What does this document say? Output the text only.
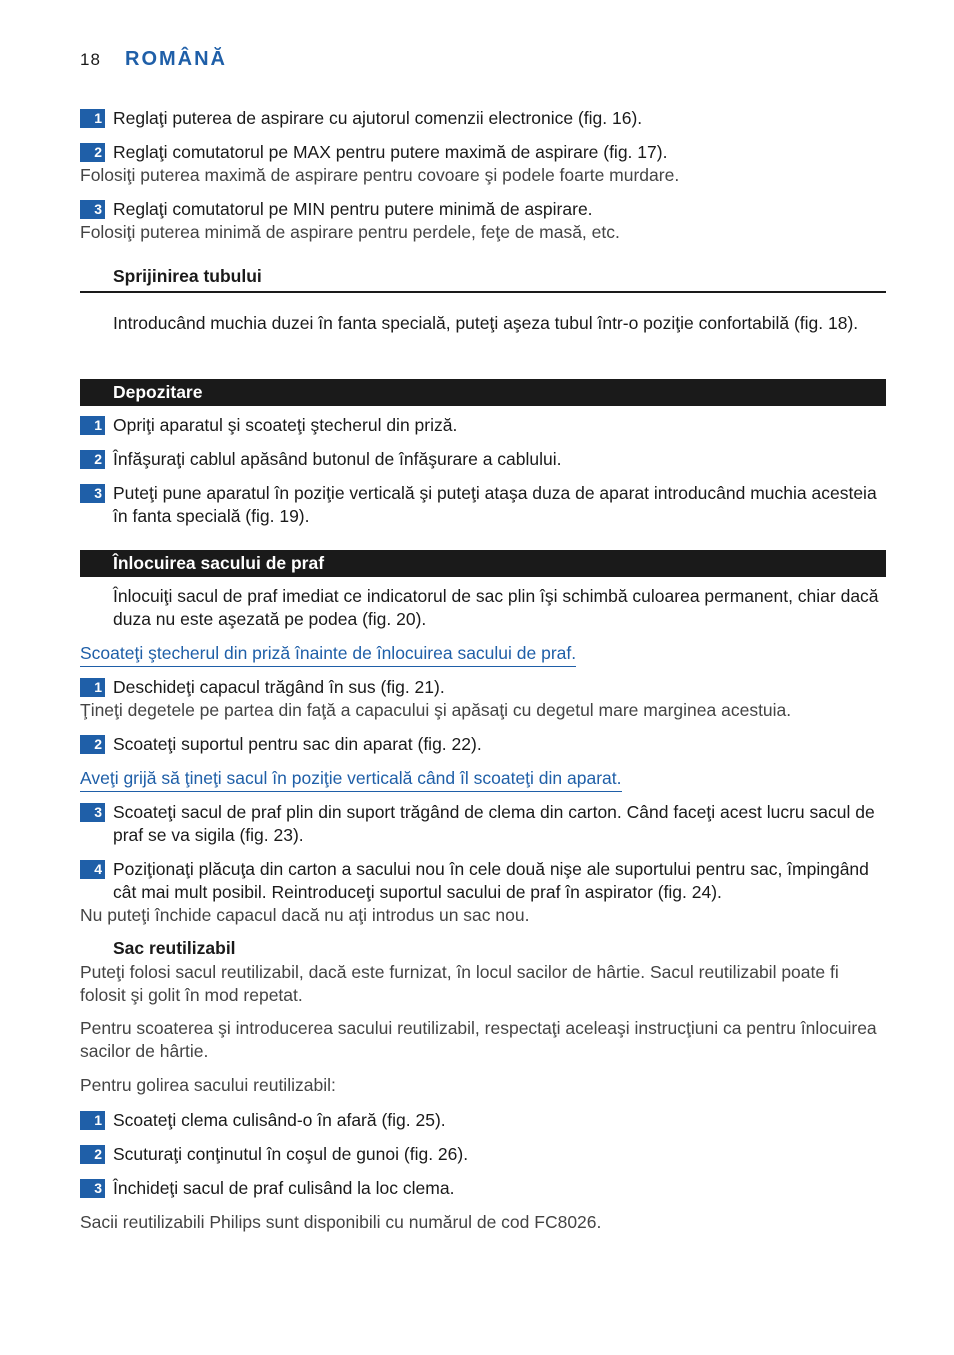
18 ROMÂNĂ
1 Reglaţi puterea de aspirare cu ajutorul comenzii electronice (fig. 16).
2 Reglaţi comutatorul pe MAX pentru putere maximă de aspirare (fig. 17).
Folosiţi puterea maximă de aspirare pentru covoare şi podele foarte murdare.
3 Reglaţi comutatorul pe MIN pentru putere minimă de aspirare.
Folosiţi puterea minimă de aspirare pentru perdele, feţe de masă, etc.
Sprijinirea tubului
Introducând muchia duzei în fanta specială, puteţi aşeza tubul într-o poziţie confortabilă (fig. 18).
Depozitare
1 Opriţi aparatul şi scoateţi ştecherul din priză.
2 Înfăşuraţi cablul apăsând butonul de înfăşurare a cablului.
3 Puteţi pune aparatul în poziţie verticală şi puteţi ataşa duza de aparat introducând muchia acesteia în fanta specială (fig. 19).
Înlocuirea sacului de praf
Înlocuiţi sacul de praf imediat ce indicatorul de sac plin îşi schimbă culoarea permanent, chiar dacă duza nu este aşezată pe podea (fig. 20).
Scoateţi ştecherul din priză înainte de înlocuirea sacului de praf.
1 Deschideţi capacul trăgând în sus (fig. 21).
Ţineţi degetele pe partea din faţă a capacului şi apăsaţi cu degetul mare marginea acestuia.
2 Scoateţi suportul pentru sac din aparat (fig. 22).
Aveţi grijă să ţineţi sacul în poziţie verticală când îl scoateţi din aparat.
3 Scoateţi sacul de praf plin din suport trăgând de clema din carton. Când faceţi acest lucru sacul de praf se va sigila (fig. 23).
4 Poziţionaţi plăcuţa din carton a sacului nou în cele două nişe ale suportului pentru sac, împingând cât mai mult posibil. Reintroduceţi suportul sacului de praf în aspirator (fig. 24).
Nu puteţi închide capacul dacă nu aţi introdus un sac nou.
Sac reutilizabil
Puteţi folosi sacul reutilizabil, dacă este furnizat, în locul sacilor de hârtie. Sacul reutilizabil poate fi folosit şi golit în mod repetat.
Pentru scoaterea şi introducerea sacului reutilizabil, respectaţi aceleaşi instrucţiuni ca pentru înlocuirea sacilor de hârtie.
Pentru golirea sacului reutilizabil:
1 Scoateţi clema culisând-o în afară (fig. 25).
2 Scuturaţi conţinutul în coşul de gunoi (fig. 26).
3 Închideţi sacul de praf culisând la loc clema.
Sacii reutilizabili Philips sunt disponibili cu numărul de cod FC8026.
